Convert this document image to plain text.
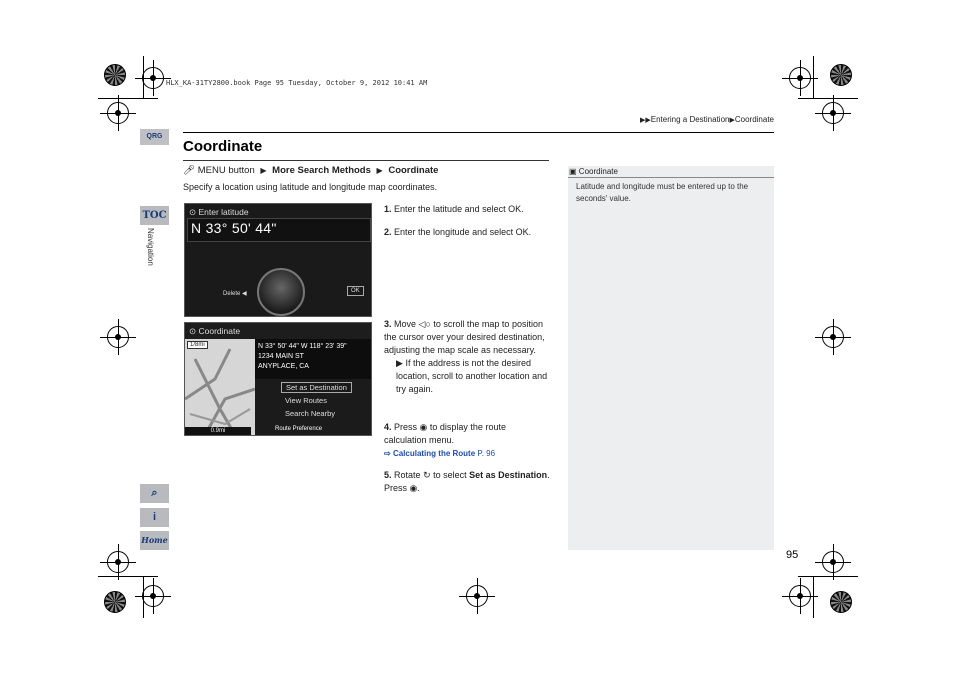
HLX_KA-31TY2800.book Page 95 Tuesday, October 9, 2012 10:41 AM
▶▶Entering a Destination▶Coordinate
QRG
TOC
Navigation
⌕
i
Home
Coordinate
🎤︎ MENU button ▶ More Search Methods ▶ Coordinate
Specify a location using latitude and longitude map coordinates.
⊙ Enter latitude
N 33° 50' 44"
Delete ◀	OK
⊙ Coordinate
1/8mi
0.9mi
N 33° 50' 44" W 118° 23' 39"
1234 MAIN ST
ANYPLACE, CA
Set as Destination
View Routes
Search Nearby
Route Preference
1. Enter the latitude and select OK.
2. Enter the longitude and select OK.
3. Move ◁○ to scroll the map to position the cursor over your desired destination, adjusting the map scale as necessary.
▶ If the address is not the desired location, scroll to another location and try again.
4. Press ◉ to display the route calculation menu.
⇨ Calculating the Route P. 96
5. Rotate ↻ to select Set as Destination. Press ◉.
▣ Coordinate
Latitude and longitude must be entered up to the seconds' value.
95
